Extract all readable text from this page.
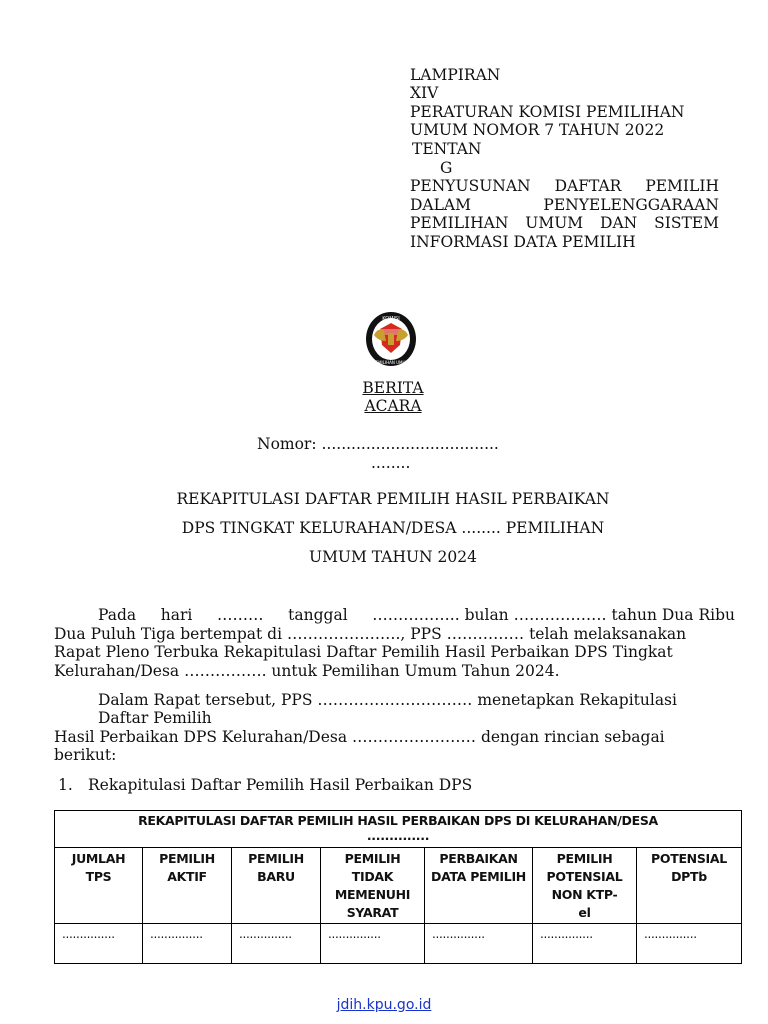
LAMPIRAN
XIV
PERATURAN KOMISI PEMILIHAN
UMUM NOMOR 7 TAHUN 2022
TENTAN
G
PENYUSUNAN DAFTAR PEMILIH
DALAM	PENYELENGGARAAN
PEMILIHAN UMUM DAN SISTEM
INFORMASI DATA PEMILIH
KOMISI
PEMILIHAN UMUM
BERITA
ACARA
Nomor: ....................................
........
REKAPITULASI DAFTAR PEMILIH HASIL PERBAIKAN
DPS TINGKAT KELURAHAN/DESA ........ PEMILIHAN
UMUM TAHUN 2024
Pada hari ……… tanggal …………….. bulan ……………… tahun Dua Ribu
Dua Puluh Tiga bertempat di …………………., PPS …………… telah melaksanakan
Rapat Pleno Terbuka Rekapitulasi Daftar Pemilih Hasil Perbaikan DPS Tingkat
Kelurahan/Desa ……………. untuk Pemilihan Umum Tahun 2024.
Dalam Rapat tersebut, PPS ………………………… menetapkan Rekapitulasi
Daftar Pemilih
Hasil Perbaikan DPS Kelurahan/Desa …………………… dengan rincian sebagai
berikut:
1. Rekapitulasi Daftar Pemilih Hasil Perbaikan DPS
REKAPITULASI DAFTAR PEMILIH HASIL PERBAIKAN DPS DI KELURAHAN/DESA
..............
JUMLAH
TPS
...............
PEMILIH
AKTIF
...............
PEMILIH
BARU
...............
PEMILIH
TIDAK
MEMENUHI
SYARAT
...............
PERBAIKAN
DATA PEMILIH
...............
PEMILIH
POTENSIAL
NON KTP-
el
...............
POTENSIAL
DPTb
...............
jdih.kpu.go.id
